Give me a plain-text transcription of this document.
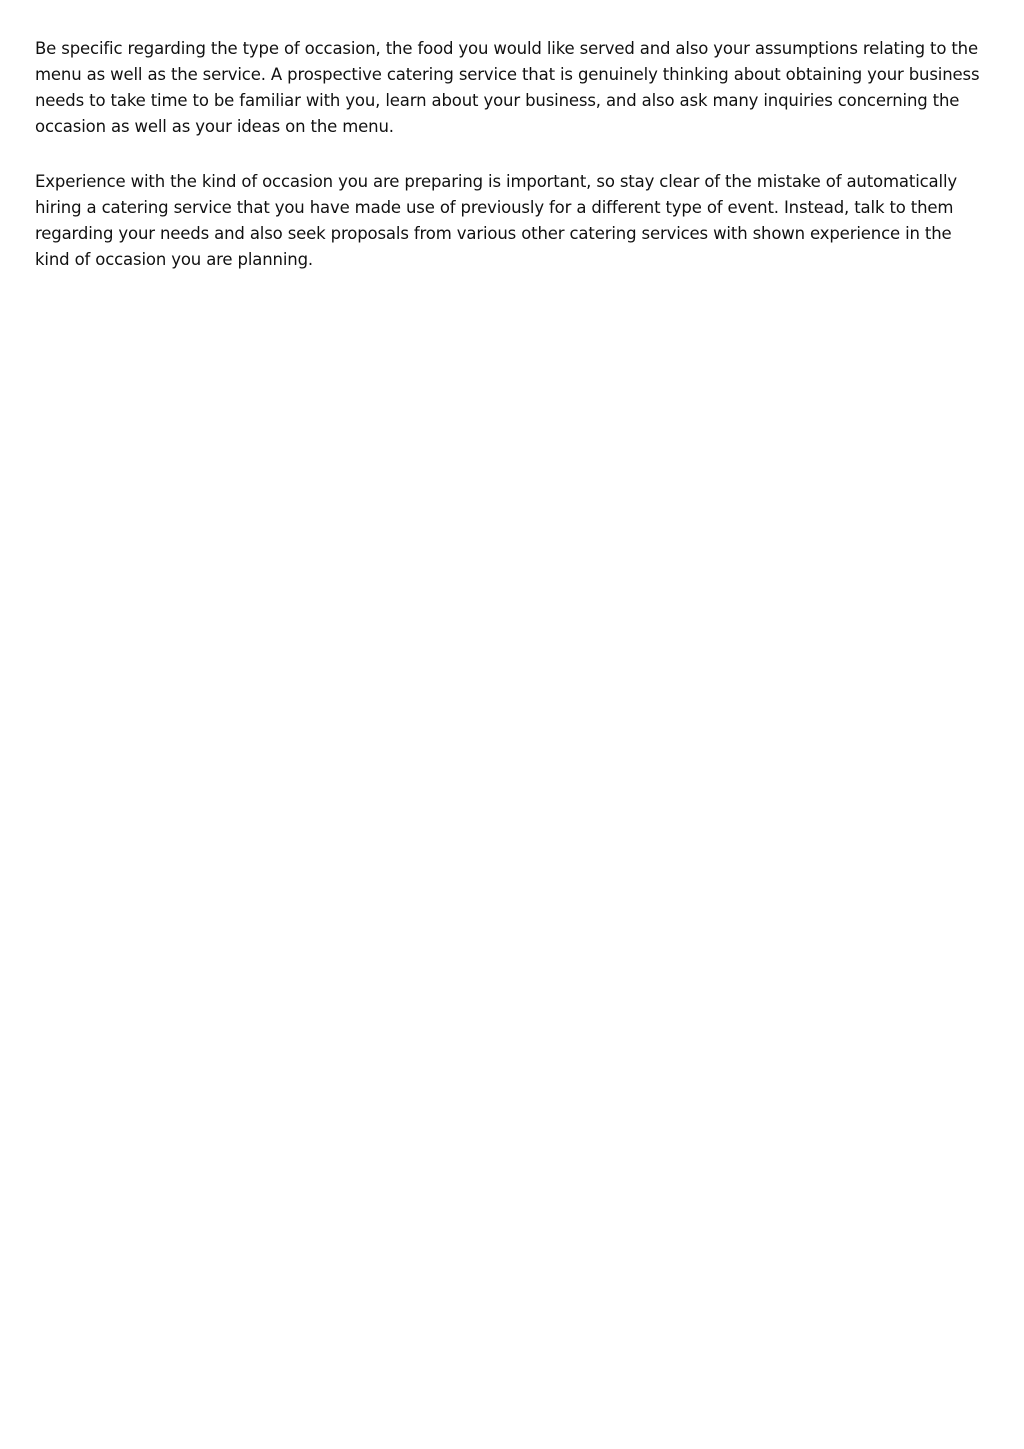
Be specific regarding the type of occasion, the food you would like served and also your assumptions relating to the menu as well as the service. A prospective catering service that is genuinely thinking about obtaining your business needs to take time to be familiar with you, learn about your business, and also ask many inquiries concerning the occasion as well as your ideas on the menu.

Experience with the kind of occasion you are preparing is important, so stay clear of the mistake of automatically hiring a catering service that you have made use of previously for a different type of event. Instead, talk to them regarding your needs and also seek proposals from various other catering services with shown experience in the kind of occasion you are planning.
